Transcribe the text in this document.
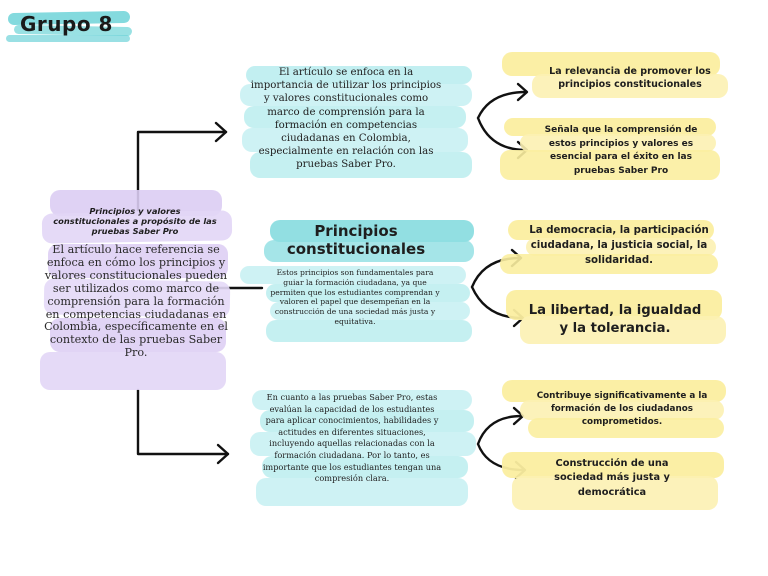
Grupo 8
Principios y valores constitucionales a propósito de las pruebas Saber Pro
El artículo hace referencia se enfoca en cómo los principios y valores constitucionales pueden ser utilizados como marco de comprensión para la formación en competencias ciudadanas en Colombia, específicamente en el contexto de las pruebas Saber Pro.
El artículo se enfoca en la importancia de utilizar los principios y valores constitucionales como marco de comprensión para la formación en competencias ciudadanas en Colombia, especialmente en relación con las pruebas Saber Pro.
Principios constitucionales
Estos principios son fundamentales para guiar la formación ciudadana, ya que permiten que los estudiantes comprendan y valoren el papel que desempeñan en la construcción de una sociedad más justa y equitativa.
En cuanto a las pruebas Saber Pro, estas evalúan la capacidad de los estudiantes para aplicar conocimientos, habilidades y actitudes en diferentes situaciones, incluyendo aquellas relacionadas con la formación ciudadana. Por lo tanto, es importante que los estudiantes tengan una compresión clara.
La relevancia de promover los principios constitucionales
Señala que la comprensión de estos principios y valores es esencial para el éxito en las pruebas Saber Pro
La democracia, la participación ciudadana, la justicia social, la solidaridad.
La libertad, la igualdad y la tolerancia.
Contribuye significativamente a la formación de los ciudadanos comprometidos.
Construcción de una sociedad más justa y democrática
